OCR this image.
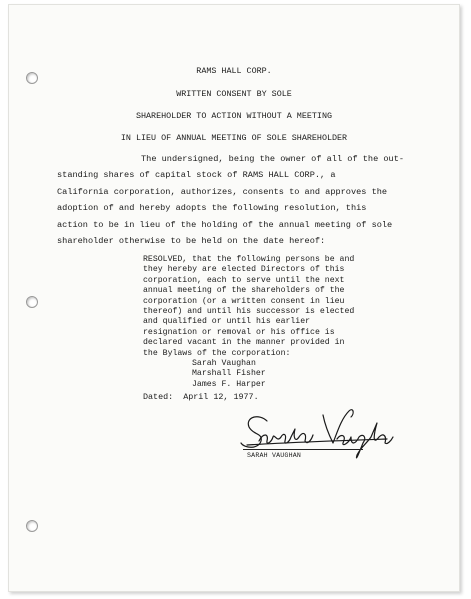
RAMS HALL CORP.
WRITTEN CONSENT BY SOLE
SHAREHOLDER TO ACTION WITHOUT A MEETING
IN LIEU OF ANNUAL MEETING OF SOLE SHAREHOLDER
The undersigned, being the owner of all of the out-
standing shares of capital stock of RAMS HALL CORP., a
California corporation, authorizes, consents to and approves the
adoption of and hereby adopts the following resolution, this
action to be in lieu of the holding of the annual meeting of sole
shareholder otherwise to be held on the date hereof:
RESOLVED, that the following persons be and
they hereby are elected Directors of this
corporation, each to serve until the next
annual meeting of the shareholders of the
corporation (or a written consent in lieu
thereof) and until his successor is elected
and qualified or until his earlier
resignation or removal or his office is
declared vacant in the manner provided in
the Bylaws of the corporation:
Sarah Vaughan
Marshall Fisher
James F. Harper
Dated:  April 12, 1977.
SARAH VAUGHAN
